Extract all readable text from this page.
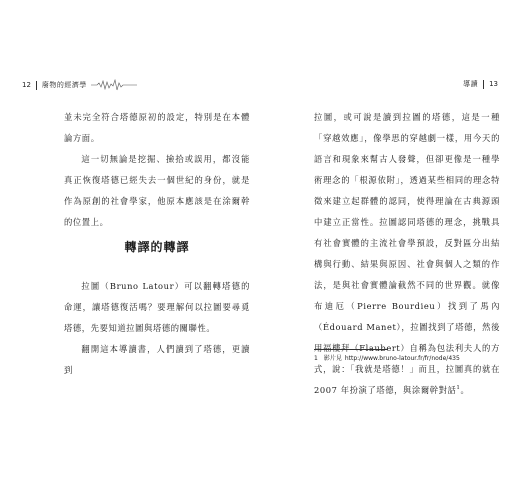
12 廢物的經濟學

並未完全符合塔德原初的設定，特別是在本體論方面。

這一切無論是挖掘、撿拾或誤用，都沒能真正恢復塔德已經失去一個世紀的身份，就是作為原創的社會學家，他原本應該是在涂爾幹的位置上。

轉譯的轉譯

拉圖（Bruno Latour）可以翻轉塔德的命運，讓塔德復活嗎？要理解何以拉圖要尋覓塔德，先要知道拉圖與塔德的關聯性。

翻開這本導讀書，人們讀到了塔德，更讀到

導讀 13

拉圖，或可說是讀到拉圖的塔德，這是一種「穿越效應」，像學思的穿越劇一樣，用今天的語言和現象來幫古人發聲，但卻更像是一種學術理念的「根源依附」，透過某些相同的理念特徵來建立起群體的認同，使得理論在古典源頭中建立正當性。拉圖認同塔德的理念，挑戰具有社會實體的主流社會學預設，反對區分出結構與行動、結果與原因、社會與個人之類的作法，是與社會實體論截然不同的世界觀。就像布迪厄（Pierre Bourdieu）找到了馬內（Édouard Manet），拉圖找到了塔德，然後用福樓拜（Flaubert）自稱為包法利夫人的方式，說：「我就是塔德！」而且，拉圖真的就在 2007 年扮演了塔德，與涂爾幹對話$^1$。

1 影片見 http://www.bruno-latour.fr/fr/node/435
